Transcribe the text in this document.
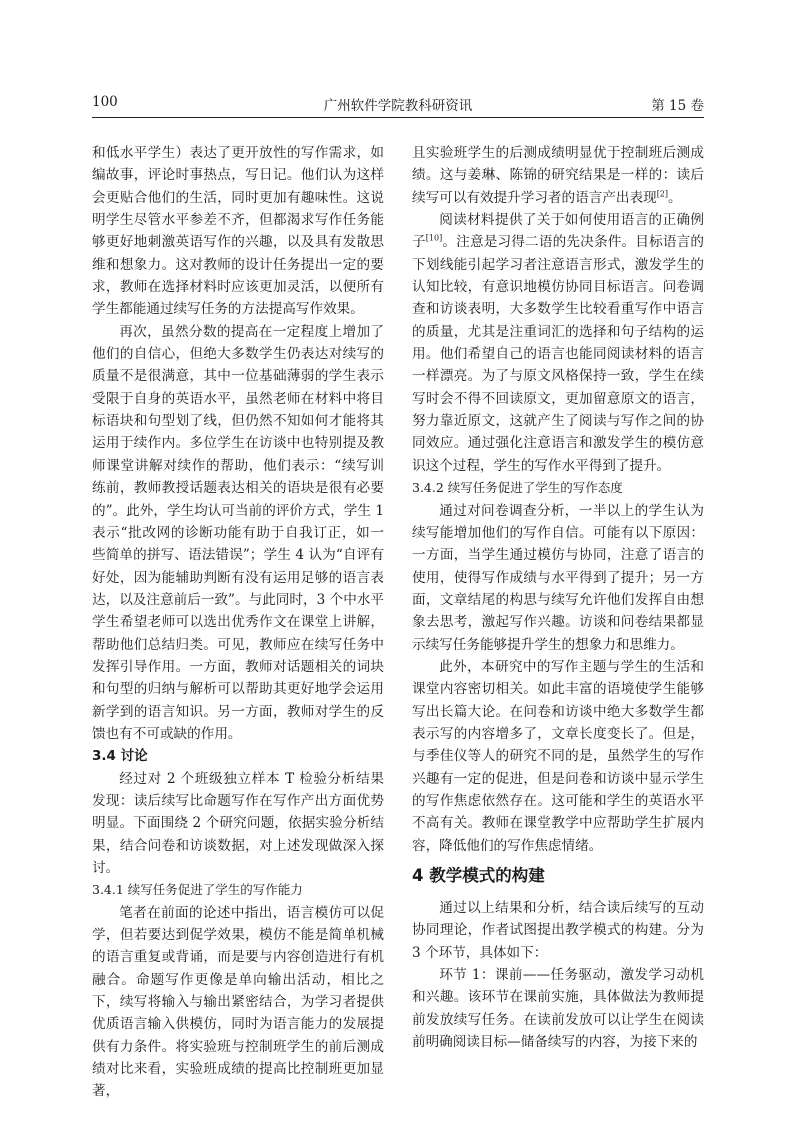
100	广州软件学院教科研资讯	第 15 卷

和低水平学生）表达了更开放性的写作需求，如编故事，评论时事热点，写日记。他们认为这样会更贴合他们的生活，同时更加有趣味性。这说明学生尽管水平参差不齐，但都渴求写作任务能够更好地刺激英语写作的兴趣，以及具有发散思维和想象力。这对教师的设计任务提出一定的要求，教师在选择材料时应该更加灵活，以便所有学生都能通过续写任务的方法提高写作效果。

再次，虽然分数的提高在一定程度上增加了他们的自信心，但绝大多数学生仍表达对续写的质量不是很满意，其中一位基础薄弱的学生表示受限于自身的英语水平，虽然老师在材料中将目标语块和句型划了线，但仍然不知如何才能将其运用于续作内。多位学生在访谈中也特别提及教师课堂讲解对续作的帮助，他们表示：“续写训练前，教师教授话题表达相关的语块是很有必要的”。此外，学生均认可当前的评价方式，学生 1 表示“批改网的诊断功能有助于自我订正，如一些简单的拼写、语法错误”；学生 4 认为“自评有好处，因为能辅助判断有没有运用足够的语言表达，以及注意前后一致”。与此同时，3 个中水平学生希望老师可以选出优秀作文在课堂上讲解，帮助他们总结归类。可见，教师应在续写任务中发挥引导作用。一方面，教师对话题相关的词块和句型的归纳与解析可以帮助其更好地学会运用新学到的语言知识。另一方面，教师对学生的反馈也有不可或缺的作用。

3.4 讨论

经过对 2 个班级独立样本 T 检验分析结果发现：读后续写比命题写作在写作产出方面优势明显。下面围绕 2 个研究问题，依据实验分析结果，结合问卷和访谈数据，对上述发现做深入探讨。

3.4.1 续写任务促进了学生的写作能力

笔者在前面的论述中指出，语言模仿可以促学，但若要达到促学效果，模仿不能是简单机械的语言重复或背诵，而是要与内容创造进行有机融合。命题写作更像是单向输出活动，相比之下，续写将输入与输出紧密结合，为学习者提供优质语言输入供模仿，同时为语言能力的发展提供有力条件。将实验班与控制班学生的前后测成绩对比来看，实验班成绩的提高比控制班更加显著，

且实验班学生的后测成绩明显优于控制班后测成绩。这与姜琳、陈锦的研究结果是一样的：读后续写可以有效提升学习者的语言产出表现[2]。

阅读材料提供了关于如何使用语言的正确例子[10]。注意是习得二语的先决条件。目标语言的下划线能引起学习者注意语言形式，激发学生的认知比较，有意识地模仿协同目标语言。问卷调查和访谈表明，大多数学生比较看重写作中语言的质量，尤其是注重词汇的选择和句子结构的运用。他们希望自己的语言也能同阅读材料的语言一样漂亮。为了与原文风格保持一致，学生在续写时会不得不回读原文，更加留意原文的语言，努力靠近原文，这就产生了阅读与写作之间的协同效应。通过强化注意语言和激发学生的模仿意识这个过程，学生的写作水平得到了提升。

3.4.2 续写任务促进了学生的写作态度

通过对问卷调查分析，一半以上的学生认为续写能增加他们的写作自信。可能有以下原因：一方面，当学生通过模仿与协同，注意了语言的使用，使得写作成绩与水平得到了提升；另一方面，文章结尾的构思与续写允许他们发挥自由想象去思考，激起写作兴趣。访谈和问卷结果都显示续写任务能够提升学生的想象力和思维力。

此外，本研究中的写作主题与学生的生活和课堂内容密切相关。如此丰富的语境使学生能够写出长篇大论。在问卷和访谈中绝大多数学生都表示写的内容增多了，文章长度变长了。但是，与季佳仪等人的研究不同的是，虽然学生的写作兴趣有一定的促进，但是问卷和访谈中显示学生的写作焦虑依然存在。这可能和学生的英语水平不高有关。教师在课堂教学中应帮助学生扩展内容，降低他们的写作焦虑情绪。

4 教学模式的构建

通过以上结果和分析，结合读后续写的互动协同理论，作者试图提出教学模式的构建。分为 3 个环节，具体如下：

环节 1：课前——任务驱动，激发学习动机和兴趣。该环节在课前实施，具体做法为教师提前发放续写任务。在读前发放可以让学生在阅读前明确阅读目标—储备续写的内容，为接下来的
